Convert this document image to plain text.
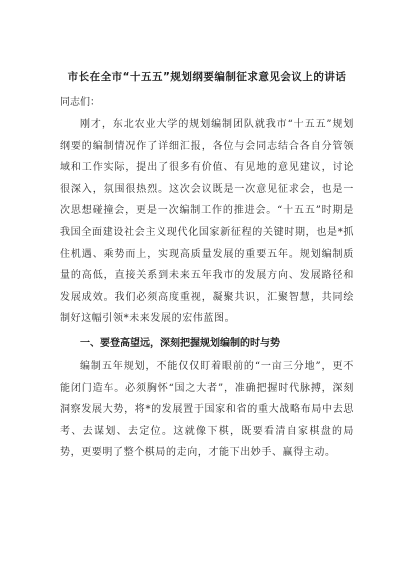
市长在全市“十五五”规划纲要编制征求意见会议上的讲话
同志们：

刚才，东北农业大学的规划编制团队就我市“十五五”规划纲要的编制情况作了详细汇报，各位与会同志结合各自分管领域和工作实际，提出了很多有价值、有见地的意见建议，讨论很深入，氛围很热烈。这次会议既是一次意见征求会，也是一次思想碰撞会，更是一次编制工作的推进会。“十五五”时期是我国全面建设社会主义现代化国家新征程的关键时期，也是*抓住机遇、乘势而上，实现高质量发展的重要五年。规划编制质量的高低，直接关系到未来五年我市的发展方向、发展路径和发展成效。我们必须高度重视，凝聚共识，汇聚智慧，共同绘制好这幅引领*未来发展的宏伟蓝图。

一、要登高望远，深刻把握规划编制的时与势

编制五年规划，不能仅仅盯着眼前的“一亩三分地”，更不能闭门造车。必须胸怀“国之大者”，准确把握时代脉搏，深刻洞察发展大势，将*的发展置于国家和省的重大战略布局中去思考、去谋划、去定位。这就像下棋，既要看清自家棋盘的局势，更要明了整个棋局的走向，才能下出妙手、赢得主动。
